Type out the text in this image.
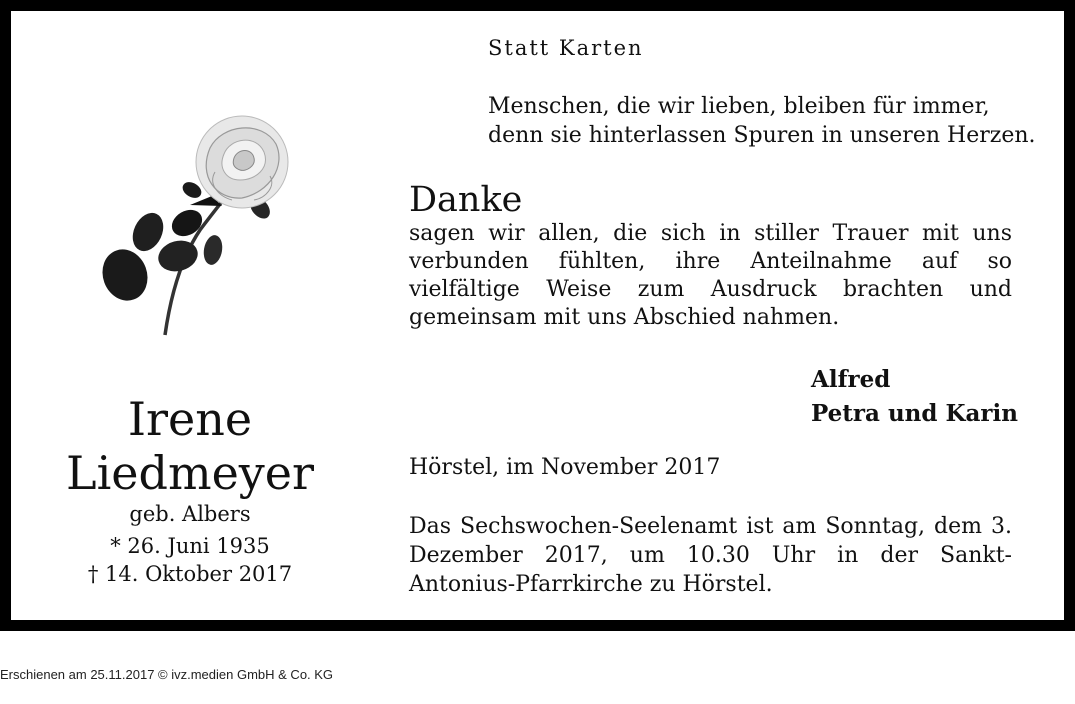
Statt Karten
Menschen, die wir lieben, bleiben für immer,
denn sie hinterlassen Spuren in unseren Herzen.
Danke
sagen wir allen, die sich in stiller Trauer mit uns verbunden fühlten, ihre Anteilnahme auf so vielfältige Weise zum Ausdruck brachten und gemeinsam mit uns Abschied nahmen.
Alfred
Petra und Karin
Hörstel, im November 2017
Das Sechswochen-Seelenamt ist am Sonntag, dem 3. Dezember 2017, um 10.30 Uhr in der Sankt-Antonius-Pfarrkirche zu Hörstel.
Irene
Liedmeyer
geb. Albers
* 26. Juni 1935
† 14. Oktober 2017
Erschienen am 25.11.2017 © ivz.medien GmbH & Co. KG
